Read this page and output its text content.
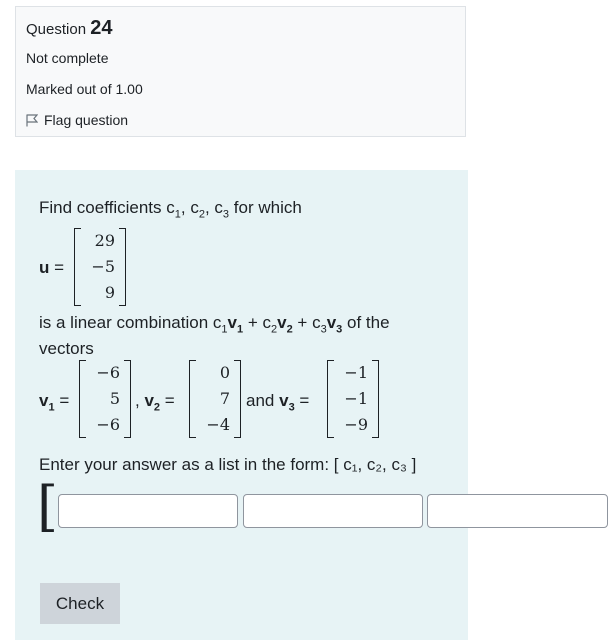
Question 24
Not complete
Marked out of 1.00
Flag question
Find coefficients $c_1$, $c_2$, $c_3$ for which
u =
29
−5
9
is a linear combination $c_1v_1 + c_2v_2 + c_3v_3$ of the
vectors
$v_1$ =
−6
5
−6
, $v_2$ =
0
7
−4
and $v_3$ =
−1
−1
−9
Enter your answer as a list in the form: [ c₁, c₂, c₃ ]
[
Check
